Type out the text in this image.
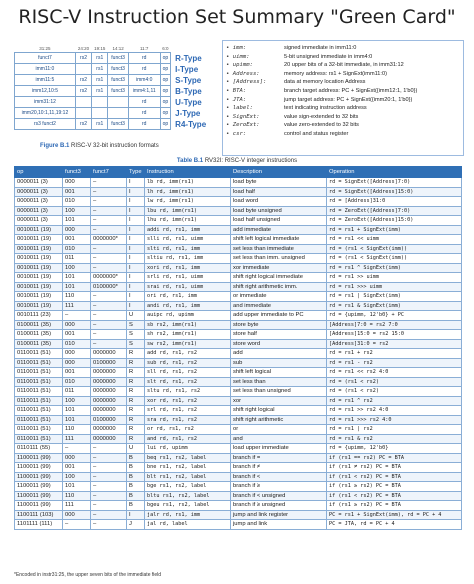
RISC-V Instruction Set Summary "Green Card"
31:25	24:20	19:15	14:12	11:7	6:0	
funct7	rs2	rs1	funct3	rd	op	R-Type
imm11:0		rs1	funct3	rd	op	I-Type
imm11:5	rs2	rs1	funct3	imm4:0	op	S-Type
imm12,10:5	rs2	rs1	funct3	imm4:1,11	op	B-Type
imm31:12				rd	op	U-Type
imm20,10:1,11,19:12				rd	op	J-Type
rs3 funct2	rs2	rs1	funct3	rd	op	R4-Type
Figure B.1 RISC-V 32-bit instruction formats
• imm:	signed immediate in imm11:0
• uimm:	5-bit unsigned immediate in imm4:0
• upimm:	20 upper bits of a 32-bit immediate, in imm31:12
• Address:	memory address: rs1 + SignExt(imm11:0)
• [Address]:	data at memory location Address
• BTA:	branch target address: PC + SignExt({imm12:1, 1'b0})
• JTA:	jump target address: PC + SignExt({imm20:1, 1'b0})
• label:	text indicating instruction address
• SignExt:	value sign-extended to 32 bits
• ZeroExt:	value zero-extended to 32 bits
• csr:	control and status register
Table B.1 RV32I: RISC-V integer instructions
op	funct3	funct7	Type	Instruction	Description	Operation
0000011 (3)	000	–	I	lb rd, imm(rs1)	load byte	rd = SignExt([Address]7:0)
0000011 (3)	001	–	I	lh rd, imm(rs1)	load half	rd = SignExt([Address]15:0)
0000011 (3)	010	–	I	lw rd, imm(rs1)	load word	rd = [Address]31:0
0000011 (3)	100	–	I	lbu rd, imm(rs1)	load byte unsigned	rd = ZeroExt([Address]7:0)
0000011 (3)	101	–	I	lhu rd, imm(rs1)	load half unsigned	rd = ZeroExt([Address]15:0)
0010011 (19)	000	–	I	addi rd, rs1, imm	add immediate	rd = rs1 + SignExt(imm)
0010011 (19)	001	0000000*	I	slli rd, rs1, uimm	shift left logical immediate	rd = rs1 << uimm
0010011 (19)	010	–	I	slti rd, rs1, imm	set less than immediate	rd = (rs1 < SignExt(imm))
0010011 (19)	011	–	I	sltiu rd, rs1, imm	set less than imm. unsigned	rd = (rs1 < SignExt(imm))
0010011 (19)	100	–	I	xori rd, rs1, imm	xor immediate	rd = rs1 ^ SignExt(imm)
0010011 (19)	101	0000000*	I	srli rd, rs1, uimm	shift right logical immediate	rd = rs1 >> uimm
0010011 (19)	101	0100000*	I	srai rd, rs1, uimm	shift right arithmetic imm.	rd = rs1 >>> uimm
0010011 (19)	110	–	I	ori rd, rs1, imm	or immediate	rd = rs1 | SignExt(imm)
0010011 (19)	111	–	I	andi rd, rs1, imm	and immediate	rd = rs1 & SignExt(imm)
0010111 (23)	–	–	U	auipc rd, upimm	add upper immediate to PC	rd = {upimm, 12'b0} + PC
0100011 (35)	000	–	S	sb rs2, imm(rs1)	store byte	[Address]7:0 = rs2 7:0
0100011 (35)	001	–	S	sh rs2, imm(rs1)	store half	[Address]15:0 = rs2 15:0
0100011 (35)	010	–	S	sw rs2, imm(rs1)	store word	[Address]31:0 = rs2
0110011 (51)	000	0000000	R	add rd, rs1, rs2	add	rd = rs1 + rs2
0110011 (51)	000	0100000	R	sub rd, rs1, rs2	sub	rd = rs1 - rs2
0110011 (51)	001	0000000	R	sll rd, rs1, rs2	shift left logical	rd = rs1 << rs2 4:0
0110011 (51)	010	0000000	R	slt rd, rs1, rs2	set less than	rd = (rs1 < rs2)
0110011 (51)	011	0000000	R	sltu rd, rs1, rs2	set less than unsigned	rd = (rs1 < rs2)
0110011 (51)	100	0000000	R	xor rd, rs1, rs2	xor	rd = rs1 ^ rs2
0110011 (51)	101	0000000	R	srl rd, rs1, rs2	shift right logical	rd = rs1 >> rs2 4:0
0110011 (51)	101	0100000	R	sra rd, rs1, rs2	shift right arithmetic	rd = rs1 >>> rs2 4:0
0110011 (51)	110	0000000	R	or rd, rs1, rs2	or	rd = rs1 | rs2
0110011 (51)	111	0000000	R	and rd, rs1, rs2	and	rd = rs1 & rs2
0110111 (55)	–	–	U	lui rd, upimm	load upper immediate	rd = {upimm, 12'b0}
1100011 (99)	000	–	B	beq rs1, rs2, label	branch if =	if (rs1 == rs2) PC = BTA
1100011 (99)	001	–	B	bne rs1, rs2, label	branch if ≠	if (rs1 ≠ rs2) PC = BTA
1100011 (99)	100	–	B	blt rs1, rs2, label	branch if <	if (rs1 < rs2) PC = BTA
1100011 (99)	101	–	B	bge rs1, rs2, label	branch if ≥	if (rs1 ≥ rs2) PC = BTA
1100011 (99)	110	–	B	bltu rs1, rs2, label	branch if < unsigned	if (rs1 < rs2) PC = BTA
1100011 (99)	111	–	B	bgeu rs1, rs2, label	branch if ≥ unsigned	if (rs1 ≥ rs2) PC = BTA
1100111 (103)	000	–	I	jalr rd, rs1, imm	jump and link register	PC = rs1 + SignExt(imm), rd = PC + 4
1101111 (111)	–	–	J	jal rd, label	jump and link	PC = JTA, rd = PC + 4
*Encoded in instr31:25, the upper seven bits of the immediate field
